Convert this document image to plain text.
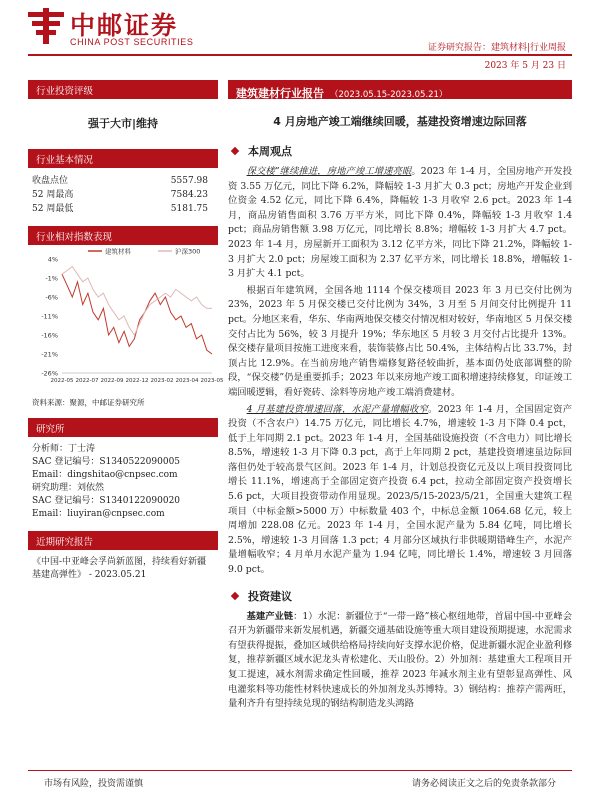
中邮证券
CHINA POST SECURITIES
证券研究报告：建筑材料|行业周报
2023 年 5 月 23 日
行业投资评级
强于大市|维持
行业基本情况
收盘点位	5557.98
52 周最高	7584.23
52 周最低	5181.75
行业相对指数表现
4%
-1%
-6%
-11%
-16%
-21%
-26%
2022-05 2022-07 2022-09 2022-12 2023-02 2023-04 2023-05
建筑材料	沪深300
资料来源：聚源，中邮证券研究所
研究所
分析师：丁士涛
SAC 登记编号：S1340522090005
Email：dingshitao@cnpsec.com
研究助理：刘依然
SAC 登记编号：S1340122090020
Email：liuyiran@cnpsec.com
近期研究报告
《中国-中亚峰会孚尚新蓝图，持续看好新疆基建高弹性》 - 2023.05.21
建筑建材行业报告 （2023.05.15-2023.05.21）
4 月房地产竣工端继续回暖，基建投资增速边际回落
本周观点
保交楼”继续推进，房地产竣工增速亮眼。2023 年 1-4 月，全国房地产开发投资 3.55 万亿元，同比下降 6.2%，降幅较 1-3 月扩大 0.3 pct；房地产开发企业到位资金 4.52 亿元，同比下降 6.4%，降幅较 1-3 月收窄 2.6 pct。2023 年 1-4 月，商品房销售面积 3.76 万平方米，同比下降 0.4%，降幅较 1-3 月收窄 1.4 pct；商品房销售额 3.98 万亿元，同比增长 8.8%；增幅较 1-3 月扩大 4.7 pct。2023 年 1-4 月，房屋新开工面积为 3.12 亿平方米，同比下降 21.2%，降幅较 1-3 月扩大 2.0 pct；房屋竣工面积为 2.37 亿平方米，同比增长 18.8%，增幅较 1-3 月扩大 4.1 pct。
根据百年建筑网，全国各地 1114 个保交楼项目 2023 年 3 月已交付比例为 23%，2023 年 5 月保交楼已交付比例为 34%，3 月至 5 月间交付比例提升 11 pct。分地区来看，华东、华南两地保交楼交付情况相对较好，华南地区 5 月保交楼交付占比为 56%，较 3 月提升 19%；华东地区 5 月较 3 月交付占比提升 13%。保交楼存量项目按施工进度来看，装饰装修占比 50.4%，主体结构占比 33.7%，封顶占比 12.9%。在当前房地产销售端修复路径较曲折，基本面仍处底部调整的阶段，“保交楼”仍是重要抓手；2023 年以来房地产竣工面积增速持续修复，印证竣工端回暖逻辑，看好瓷砖、涂料等房地产竣工端消费建材。
4 月基建投资增速回落，水泥产量增幅收窄。2023 年 1-4 月，全国固定资产投资（不含农户）14.75 万亿元，同比增长 4.7%，增速较 1-3 月下降 0.4 pct，低于上年同期 2.1 pct。2023 年 1-4 月，全国基础设施投资（不含电力）同比增长 8.5%，增速较 1-3 月下降 0.3 pct，高于上年同期 2 pct，基建投资增速虽边际回落但仍处于较高景气区间。2023 年 1-4 月，计划总投资亿元及以上项目投资同比增长 11.1%，增速高于全部固定资产投资 6.4 pct，拉动全部固定资产投资增长 5.6 pct，大项目投资带动作用显现。2023/5/15-2023/5/21，全国重大建筑工程项目（中标金额>5000 万）中标数量 403 个，中标总金额 1064.68 亿元，较上周增加 228.08 亿元。2023 年 1-4 月，全国水泥产量为 5.84 亿吨，同比增长 2.5%，增速较 1-3 月回落 1.3 pct；4 月部分区域执行非供暖期错峰生产，水泥产量增幅收窄；4 月单月水泥产量为 1.94 亿吨，同比增长 1.4%，增速较 3 月回落 9.0 pct。
投资建议
基建产业链：1）水泥：新疆位于“一带一路”核心枢纽地带，首届中国-中亚峰会召开为新疆带来新发展机遇，新疆交通基础设施等重大项目建设预期提速，水泥需求有望获得提振，叠加区域供给格局持续向好支撑水泥价格，促进新疆水泥企业盈利修复，推荐新疆区域水泥龙头青松建化、天山股份。2）外加剂：基建重大工程项目开复工提速，减水剂需求确定性回暖，推荐 2023 年减水剂主业有望彰显高弹性、风电灌浆料等功能性材料快速成长的外加剂龙头苏博特。3）钢结构：推荐产需两旺，量利齐升有望持续兑现的钢结构制造龙头鸿路
市场有风险，投资需谨慎	请务必阅读正文之后的免责条款部分
